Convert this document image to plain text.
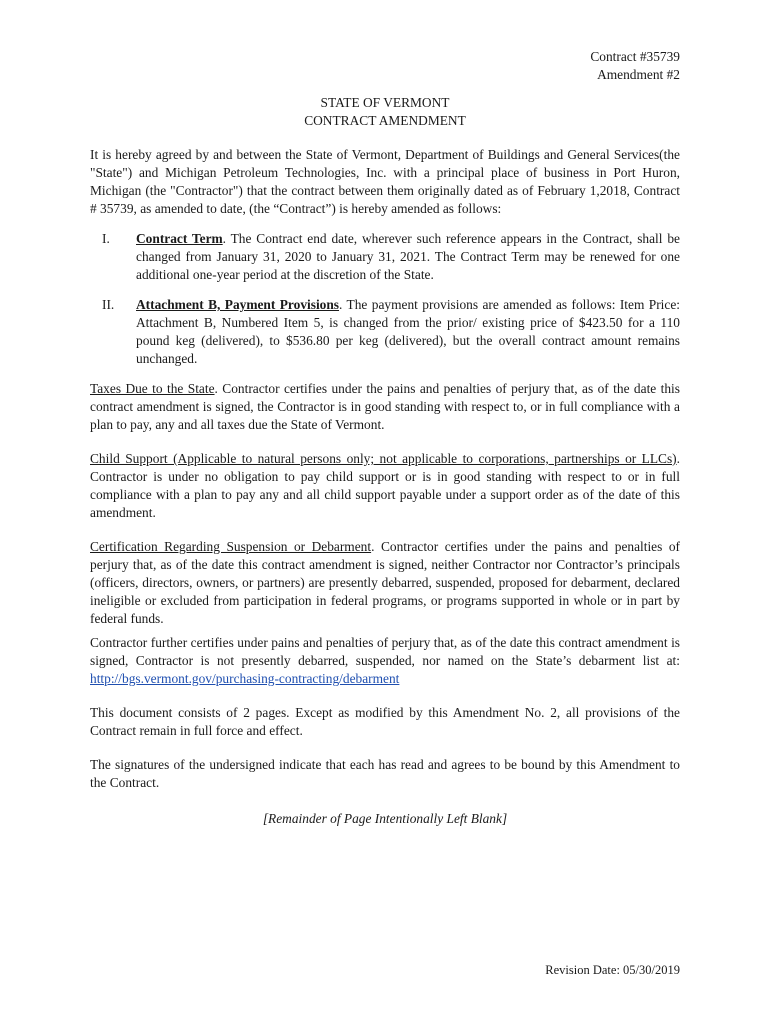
Contract #35739
Amendment #2
STATE OF VERMONT
CONTRACT AMENDMENT

It is hereby agreed by and between the State of Vermont, Department of Buildings and General Services(the "State") and Michigan Petroleum Technologies, Inc. with a principal place of business in Port Huron, Michigan (the "Contractor") that the contract between them originally dated as of February 1,2018, Contract # 35739, as amended to date, (the “Contract”) is hereby amended as follows:

I.	Contract Term. The Contract end date, wherever such reference appears in the Contract, shall be changed from January 31, 2020 to January 31, 2021. The Contract Term may be renewed for one additional one-year period at the discretion of the State.
II.	Attachment B, Payment Provisions. The payment provisions are amended as follows: Item Price: Attachment B, Numbered Item 5, is changed from the prior/ existing price of $423.50 for a 110 pound keg (delivered), to $536.80 per keg (delivered), but the overall contract amount remains unchanged.

Taxes Due to the State. Contractor certifies under the pains and penalties of perjury that, as of the date this contract amendment is signed, the Contractor is in good standing with respect to, or in full compliance with a plan to pay, any and all taxes due the State of Vermont.

Child Support (Applicable to natural persons only; not applicable to corporations, partnerships or LLCs). Contractor is under no obligation to pay child support or is in good standing with respect to or in full compliance with a plan to pay any and all child support payable under a support order as of the date of this amendment.

Certification Regarding Suspension or Debarment. Contractor certifies under the pains and penalties of perjury that, as of the date this contract amendment is signed, neither Contractor nor Contractor’s principals (officers, directors, owners, or partners) are presently debarred, suspended, proposed for debarment, declared ineligible or excluded from participation in federal programs, or programs supported in whole or in part by federal funds.

Contractor further certifies under pains and penalties of perjury that, as of the date this contract amendment is signed, Contractor is not presently debarred, suspended, nor named on the State’s debarment list at: http://bgs.vermont.gov/purchasing-contracting/debarment

This document consists of 2 pages. Except as modified by this Amendment No. 2, all provisions of the Contract remain in full force and effect.

The signatures of the undersigned indicate that each has read and agrees to be bound by this Amendment to the Contract.

[Remainder of Page Intentionally Left Blank]

Revision Date: 05/30/2019
